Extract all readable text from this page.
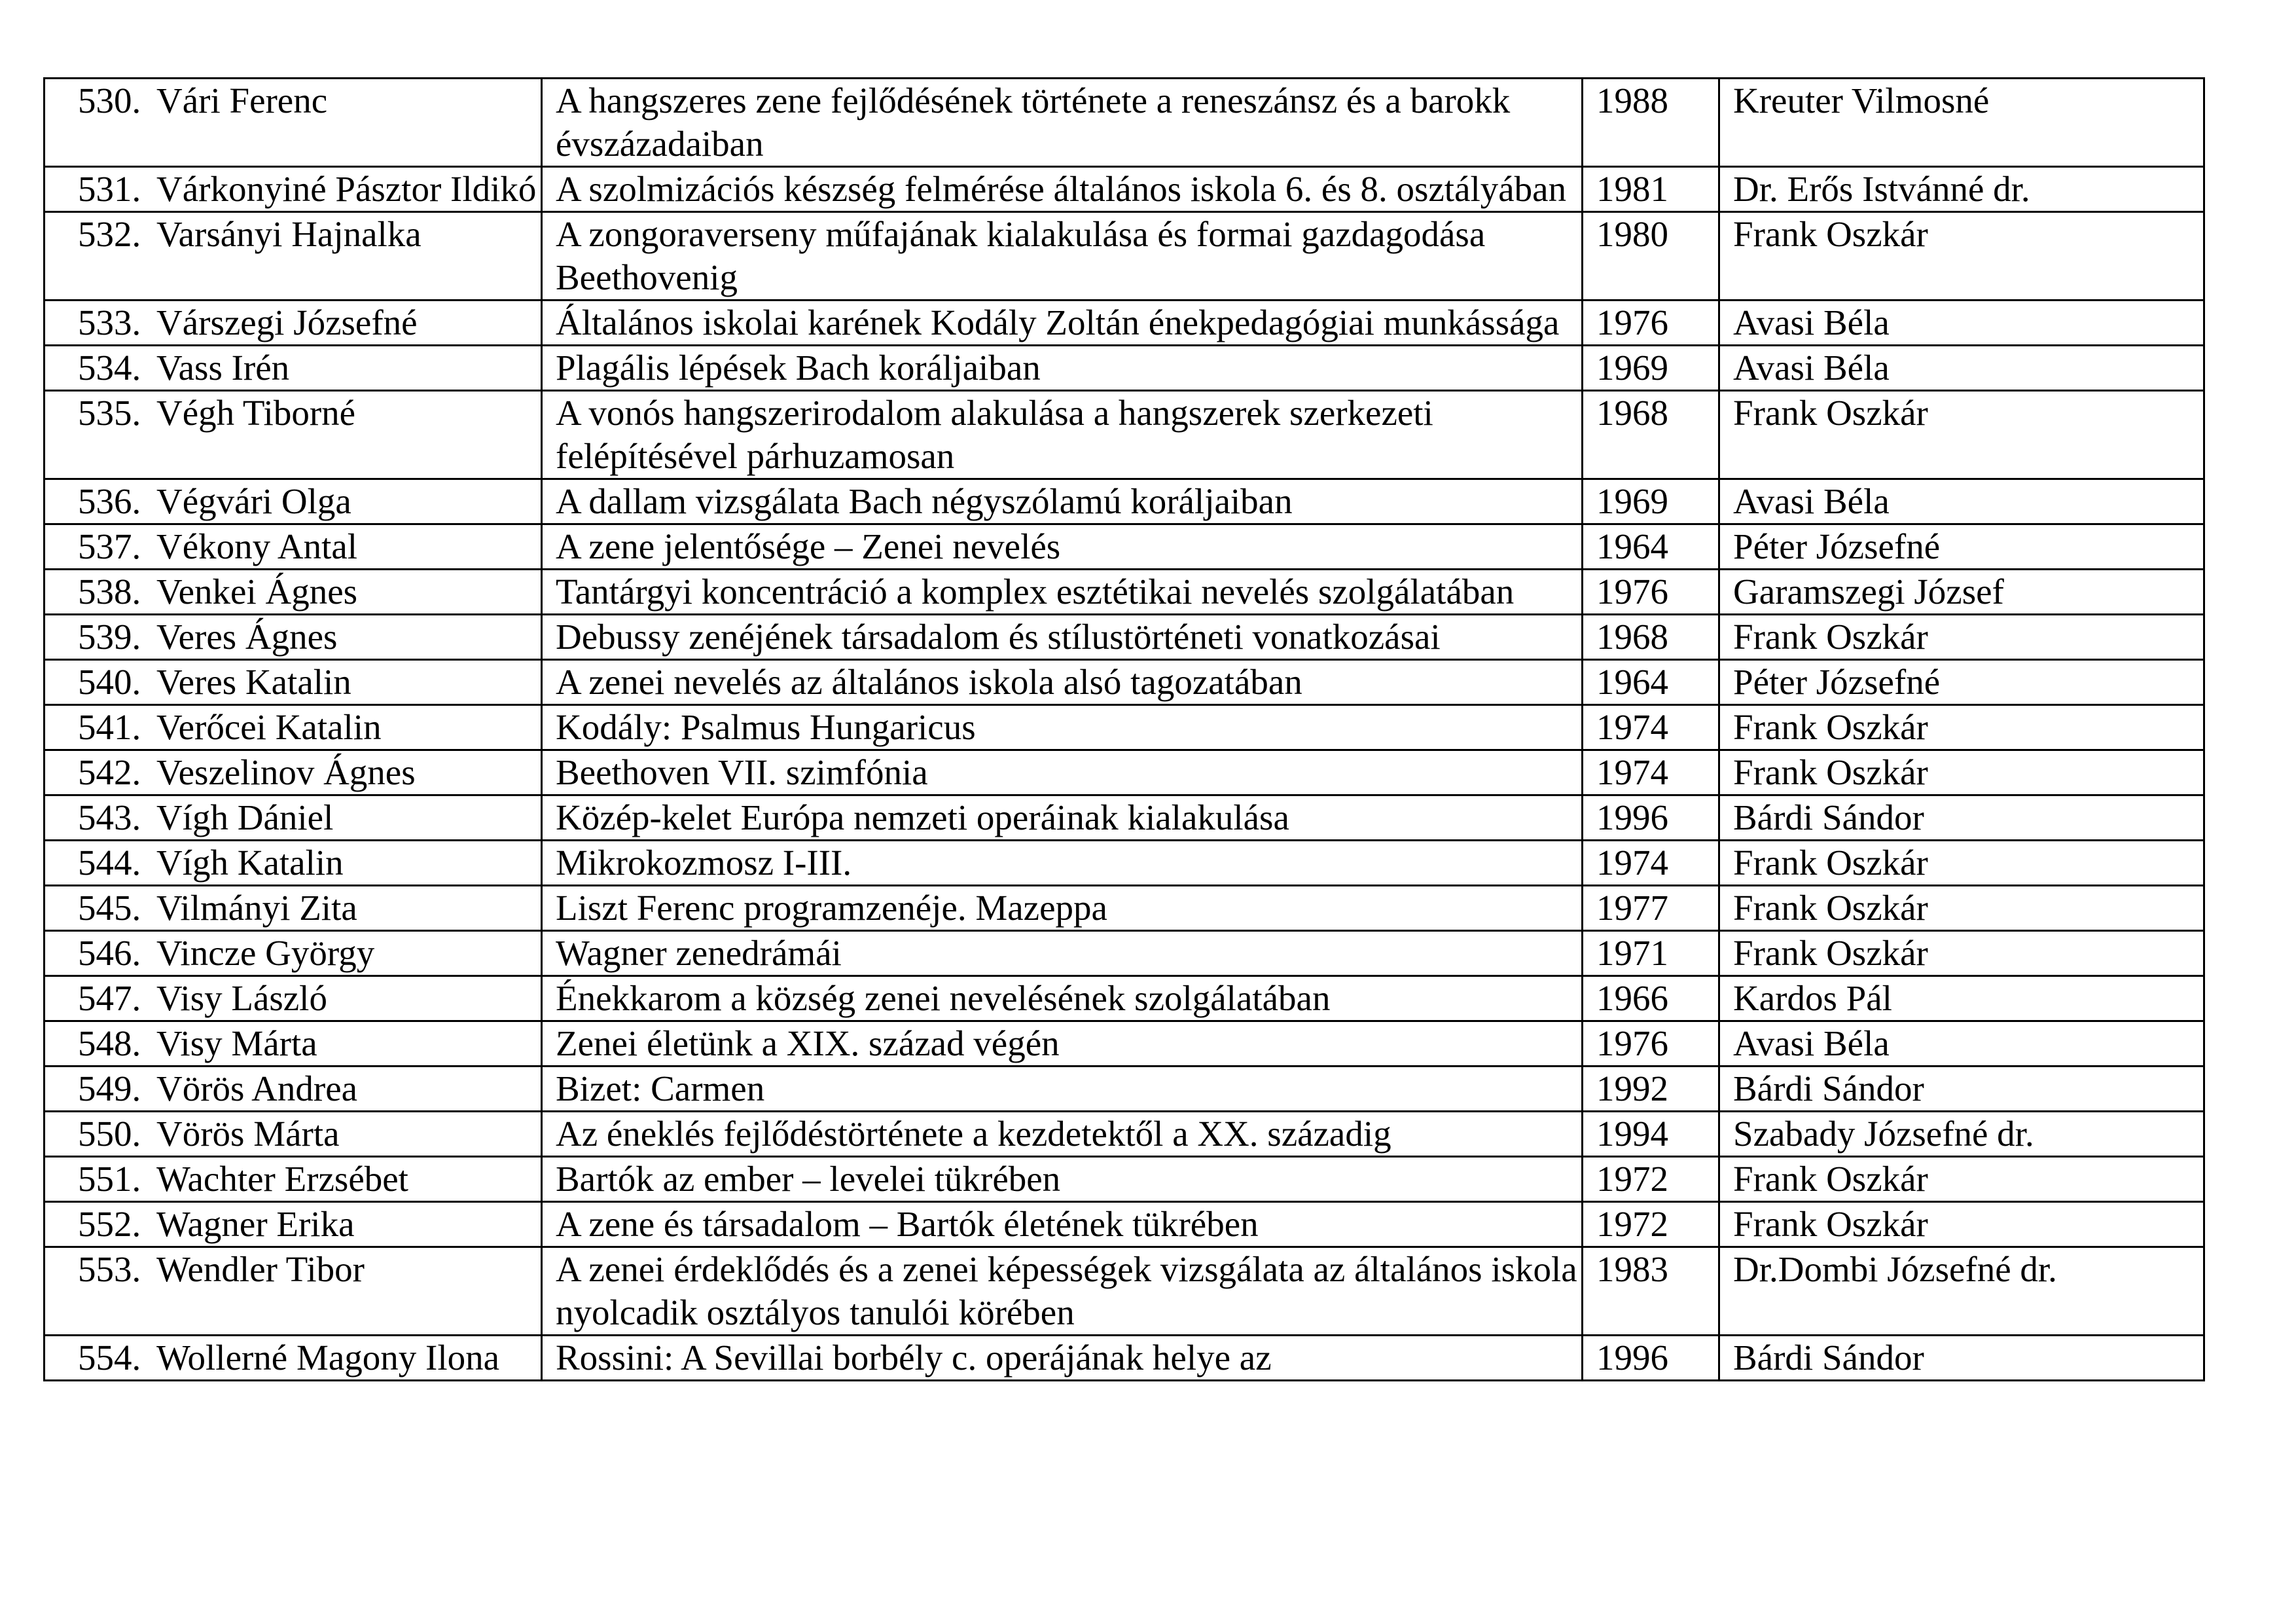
530. Vári Ferenc	A hangszeres zene fejlődésének története a reneszánsz és a barokk évszázadaiban	1988	Kreuter Vilmosné

531. Várkonyiné Pásztor Ildikó	A szolmizációs készség felmérése általános iskola 6. és 8. osztályában	1981	Dr. Erős Istvánné dr.

532. Varsányi Hajnalka	A zongoraverseny műfajának kialakulása és formai gazdagodása Beethovenig	1980	Frank Oszkár

533. Várszegi Józsefné	Általános iskolai karének Kodály Zoltán énekpedagógiai munkássága	1976	Avasi Béla

534. Vass Irén	Plagális lépések Bach koráljaiban	1969	Avasi Béla

535. Végh Tiborné	A vonós hangszerirodalom alakulása a hangszerek szerkezeti felépítésével párhuzamosan	1968	Frank Oszkár

536. Végvári Olga	A dallam vizsgálata Bach négyszólamú koráljaiban	1969	Avasi Béla

537. Vékony Antal	A zene jelentősége – Zenei nevelés	1964	Péter Józsefné

538. Venkei Ágnes	Tantárgyi koncentráció a komplex esztétikai nevelés szolgálatában	1976	Garamszegi József

539. Veres Ágnes	Debussy zenéjének társadalom és stílustörténeti vonatkozásai	1968	Frank Oszkár

540. Veres Katalin	A zenei nevelés az általános iskola alsó tagozatában	1964	Péter Józsefné

541. Verőcei Katalin	Kodály: Psalmus Hungaricus	1974	Frank Oszkár

542. Veszelinov Ágnes	Beethoven VII. szimfónia	1974	Frank Oszkár

543. Vígh Dániel	Közép-kelet Európa nemzeti operáinak kialakulása	1996	Bárdi Sándor

544. Vígh Katalin	Mikrokozmosz I-III.	1974	Frank Oszkár

545. Vilmányi Zita	Liszt Ferenc programzenéje. Mazeppa	1977	Frank Oszkár

546. Vincze György	Wagner zenedrámái	1971	Frank Oszkár

547. Visy László	Énekkarom a község zenei nevelésének szolgálatában	1966	Kardos Pál

548. Visy Márta	Zenei életünk a XIX. század végén	1976	Avasi Béla

549. Vörös Andrea	Bizet: Carmen	1992	Bárdi Sándor

550. Vörös Márta	Az éneklés fejlődéstörténete a kezdetektől a XX. századig	1994	Szabady Józsefné dr.

551. Wachter Erzsébet	Bartók az ember – levelei tükrében	1972	Frank Oszkár

552. Wagner Erika	A zene és társadalom – Bartók életének tükrében	1972	Frank Oszkár

553. Wendler Tibor	A zenei érdeklődés és a zenei képességek vizsgálata az általános iskola nyolcadik osztályos tanulói körében	1983	Dr.Dombi Józsefné dr.

554. Wollerné Magony Ilona	Rossini: A Sevillai borbély c. operájának helye az	1996	Bárdi Sándor
